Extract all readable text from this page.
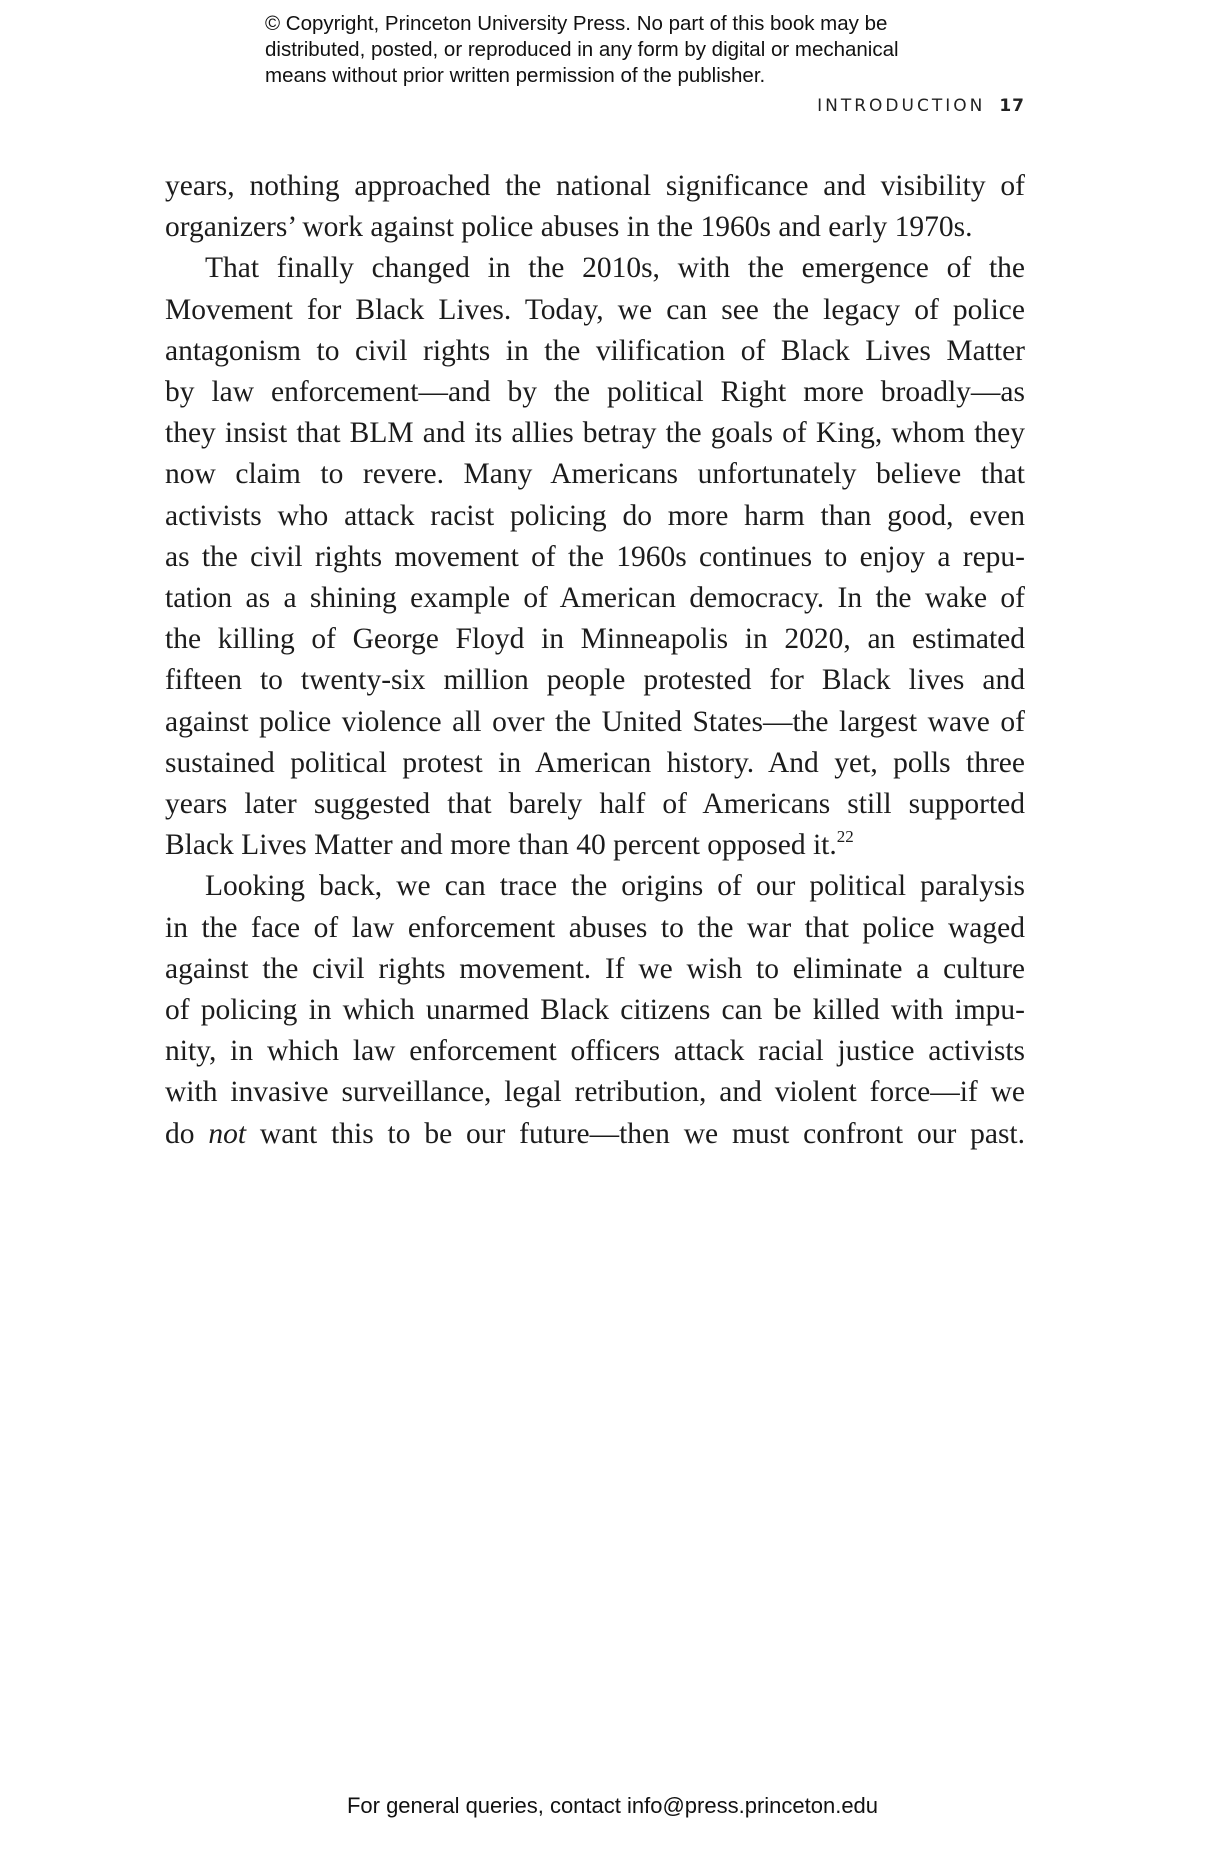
© Copyright, Princeton University Press. No part of this book may be
distributed, posted, or reproduced in any form by digital or mechanical
means without prior written permission of the publisher.
INTRODUCTION 17
years, nothing approached the national significance and visibility of
organizers’ work against police abuses in the 1960s and early 1970s.
That finally changed in the 2010s, with the emergence of the
Movement for Black Lives. Today, we can see the legacy of police
antagonism to civil rights in the vilification of Black Lives Matter
by law enforcement—and by the political Right more broadly—as
they insist that BLM and its allies betray the goals of King, whom they
now claim to revere. Many Americans unfortunately believe that
activists who attack racist policing do more harm than good, even
as the civil rights movement of the 1960s continues to enjoy a repu-
tation as a shining example of American democracy. In the wake of
the killing of George Floyd in Minneapolis in 2020, an estimated
fifteen to twenty-six million people protested for Black lives and
against police violence all over the United States—the largest wave of
sustained political protest in American history. And yet, polls three
years later suggested that barely half of Americans still supported
Black Lives Matter and more than 40 percent opposed it.$^{22}$
Looking back, we can trace the origins of our political paralysis
in the face of law enforcement abuses to the war that police waged
against the civil rights movement. If we wish to eliminate a culture
of policing in which unarmed Black citizens can be killed with impu-
nity, in which law enforcement officers attack racial justice activists
with invasive surveillance, legal retribution, and violent force—if we
do not want this to be our future—then we must confront our past.
For general queries, contact info@press.princeton.edu
